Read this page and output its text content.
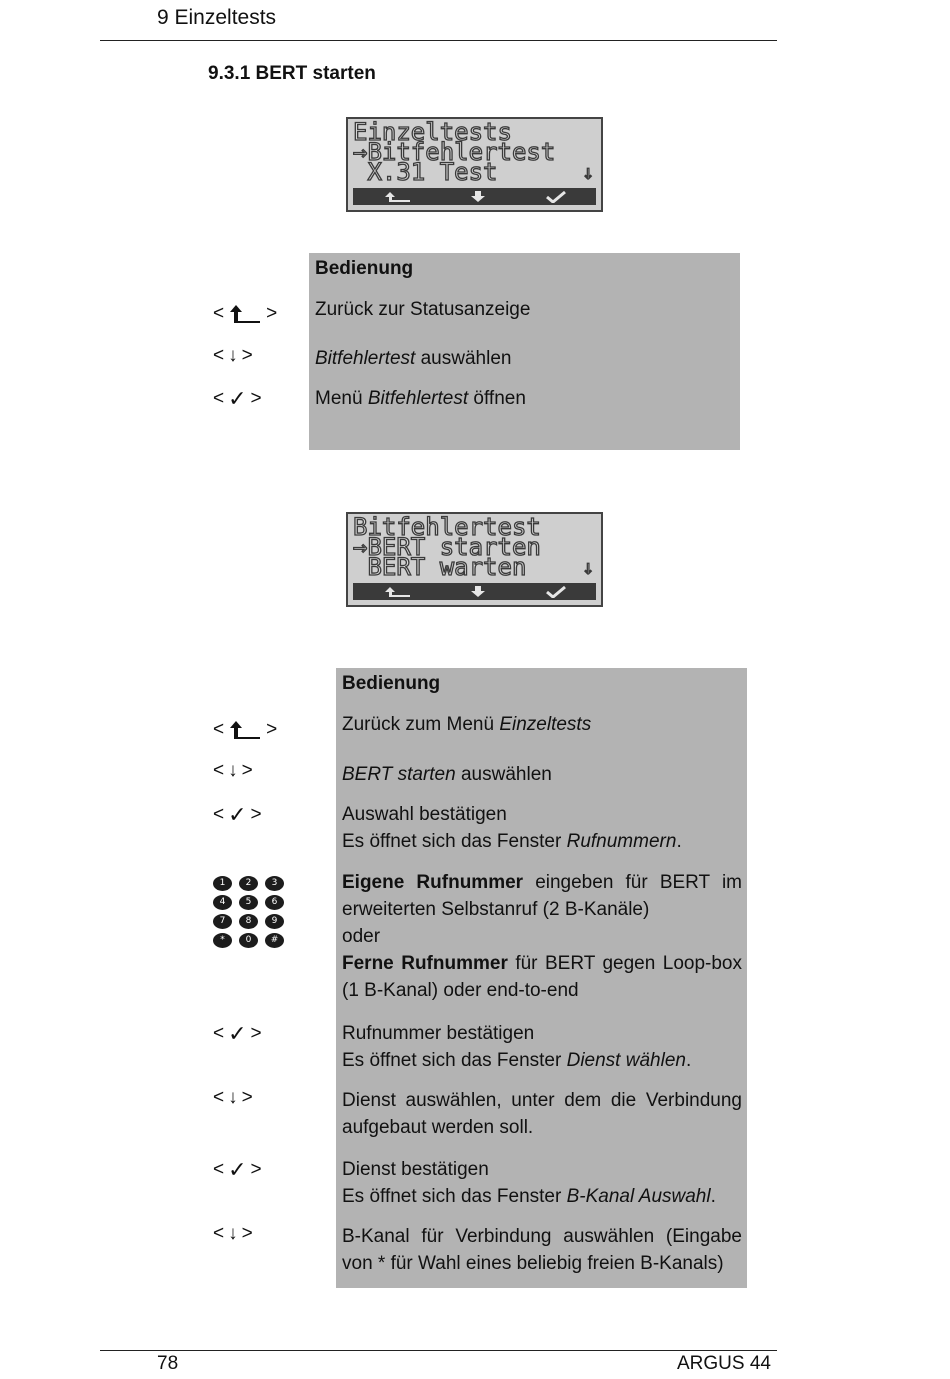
9 Einzeltests
9.3.1 BERT starten
Einzeltests
→Bitfehlertest
X.31 Test	↓
Bedienung
< > Zurück zur Statusanzeige
< ↓ >	Bitfehlertest auswählen
< ✓ >	Menü Bitfehlertest öffnen
Bitfehlertest
→BERT starten
BERT warten	↓
Bedienung
< >	Zurück zum Menü Einzeltests
< ↓ >	BERT starten auswählen
< ✓ >	Auswahl bestätigen
Es öffnet sich das Fenster Rufnummern.
1	2	3
4	5	6
7	8	9
*	0	#
Eigene Rufnummer eingeben für BERT im erweiterten Selbstanruf (2 B-Kanäle)
oder
Ferne Rufnummer für BERT gegen Loop-box (1 B-Kanal) oder end-to-end
< ✓ >	Rufnummer bestätigen
Es öffnet sich das Fenster Dienst wählen.
< ↓ >	Dienst auswählen, unter dem die Verbindung aufgebaut werden soll.
< ✓ >	Dienst bestätigen
Es öffnet sich das Fenster B-Kanal Auswahl.
< ↓ >	B-Kanal für Verbindung auswählen (Eingabe von * für Wahl eines beliebig freien B-Kanals)
78	ARGUS 44
